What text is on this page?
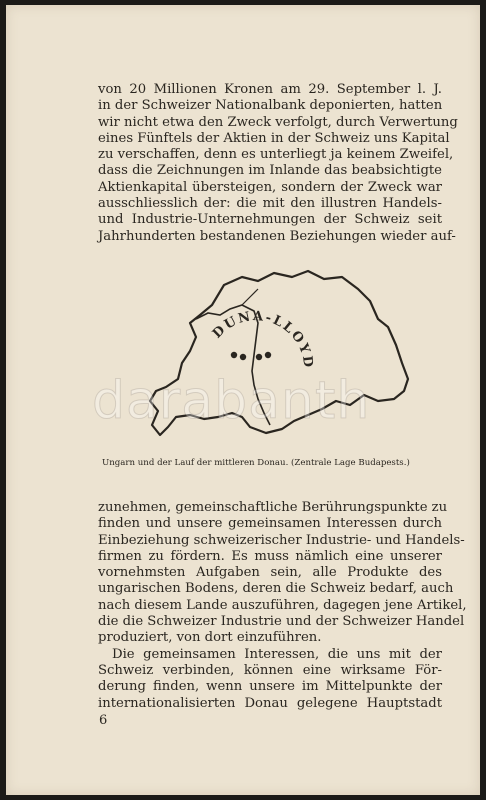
von 20 Millionen Kronen am 29. September l. J.
in der Schweizer Nationalbank deponierten, hatten
wir nicht etwa den Zweck verfolgt, durch Verwertung
eines Fünftels der Aktien in der Schweiz uns Kapital
zu verschaffen, denn es unterliegt ja keinem Zweifel,
dass die Zeichnungen im Inlande das beabsichtigte
Aktienkapital übersteigen, sondern der Zweck war
ausschliesslich der: die mit den illustren Handels-
und Industrie-Unternehmungen der Schweiz seit
Jahrhunderten bestandenen Beziehungen wieder auf-
DUNA-LLOYD
darabanth
Ungarn und der Lauf der mittleren Donau. (Zentrale Lage Budapests.)
zunehmen, gemeinschaftliche Berührungspunkte zu
finden und unsere gemeinsamen Interessen durch
Einbeziehung schweizerischer Industrie- und Handels-
firmen zu fördern. Es muss nämlich eine unserer
vornehmsten Aufgaben sein, alle Produkte des
ungarischen Bodens, deren die Schweiz bedarf, auch
nach diesem Lande auszuführen, dagegen jene Artikel,
die die Schweizer Industrie und der Schweizer Handel
produziert, von dort einzuführen.
Die gemeinsamen Interessen, die uns mit der
Schweiz verbinden, können eine wirksame För-
derung finden, wenn unsere im Mittelpunkte der
internationalisierten Donau gelegene Hauptstadt
6
